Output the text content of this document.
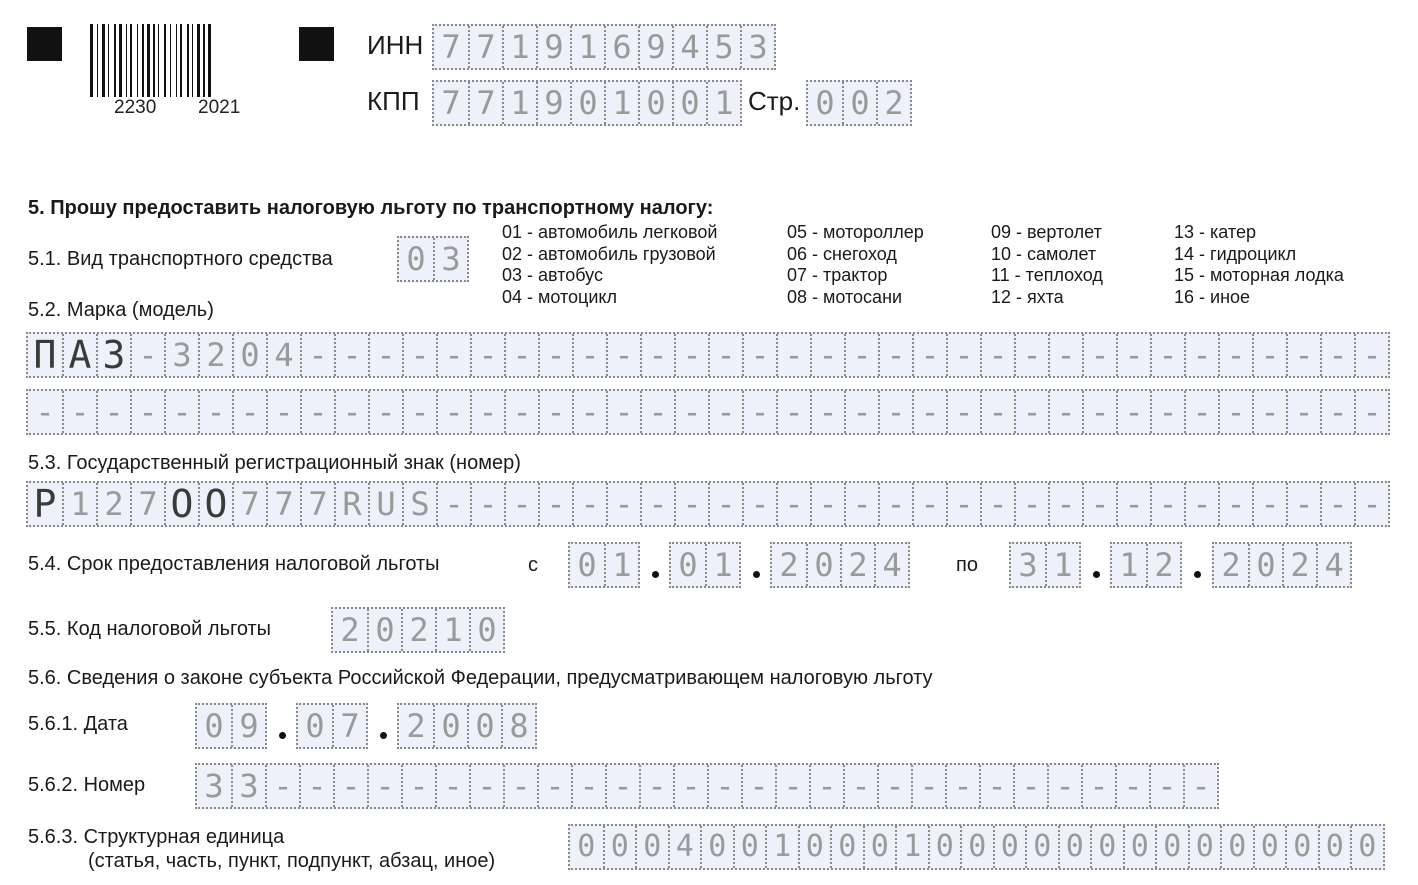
2230 2021
ИНН 7 7 1 9 1 6 9 4 5 3
КПП 7 7 1 9 0 1 0 0 1 Стр. 0 0 2
5. Прошу предоставить налоговую льготу по транспортному налогу:
5.1. Вид транспортного средства 0 3
01 - автомобиль легковой
02 - автомобиль грузовой
03 - автобус
04 - мотоцикл
05 - мотороллер
06 - снегоход
07 - трактор
08 - мотосани
09 - вертолет
10 - самолет
11 - теплоход
12 - яхта
13 - катер
14 - гидроцикл
15 - моторная лодка
16 - иное
5.2. Марка (модель)
П А З - 3 2 0 4 - - - - - - - - - - - - - - - - - - - - - - - - - - - - - - - -
- - - - - - - - - - - - - - - - - - - - - - - - - - - - - - - - - - - - - - - -
5.3. Государственный регистрационный знак (номер)
Р 1 2 7 О О 7 7 7 R U S - - - - - - - - - - - - - - - - - - - - - - - - - - - -
5.4. Срок предоставления налоговой льготы	с 0 1 0 1 2 0 2 4	по 3 1 1 2 2 0 2 4
5.5. Код налоговой льготы 2 0 2 1 0
5.6. Сведения о законе субъекта Российской Федерации, предусматривающем налоговую льготу
5.6.1. Дата 0 9 0 7 2 0 0 8
5.6.2. Номер 3 3 - - - - - - - - - - - - - - - - - - - - - - - - - - - -
5.6.3. Структурная единица
(статья, часть, пункт, подпункт, абзац, иное)	0 0 0 4 0 0 1 0 0 0 1 0 0 0 0 0 0 0 0 0 0 0 0 0 0
